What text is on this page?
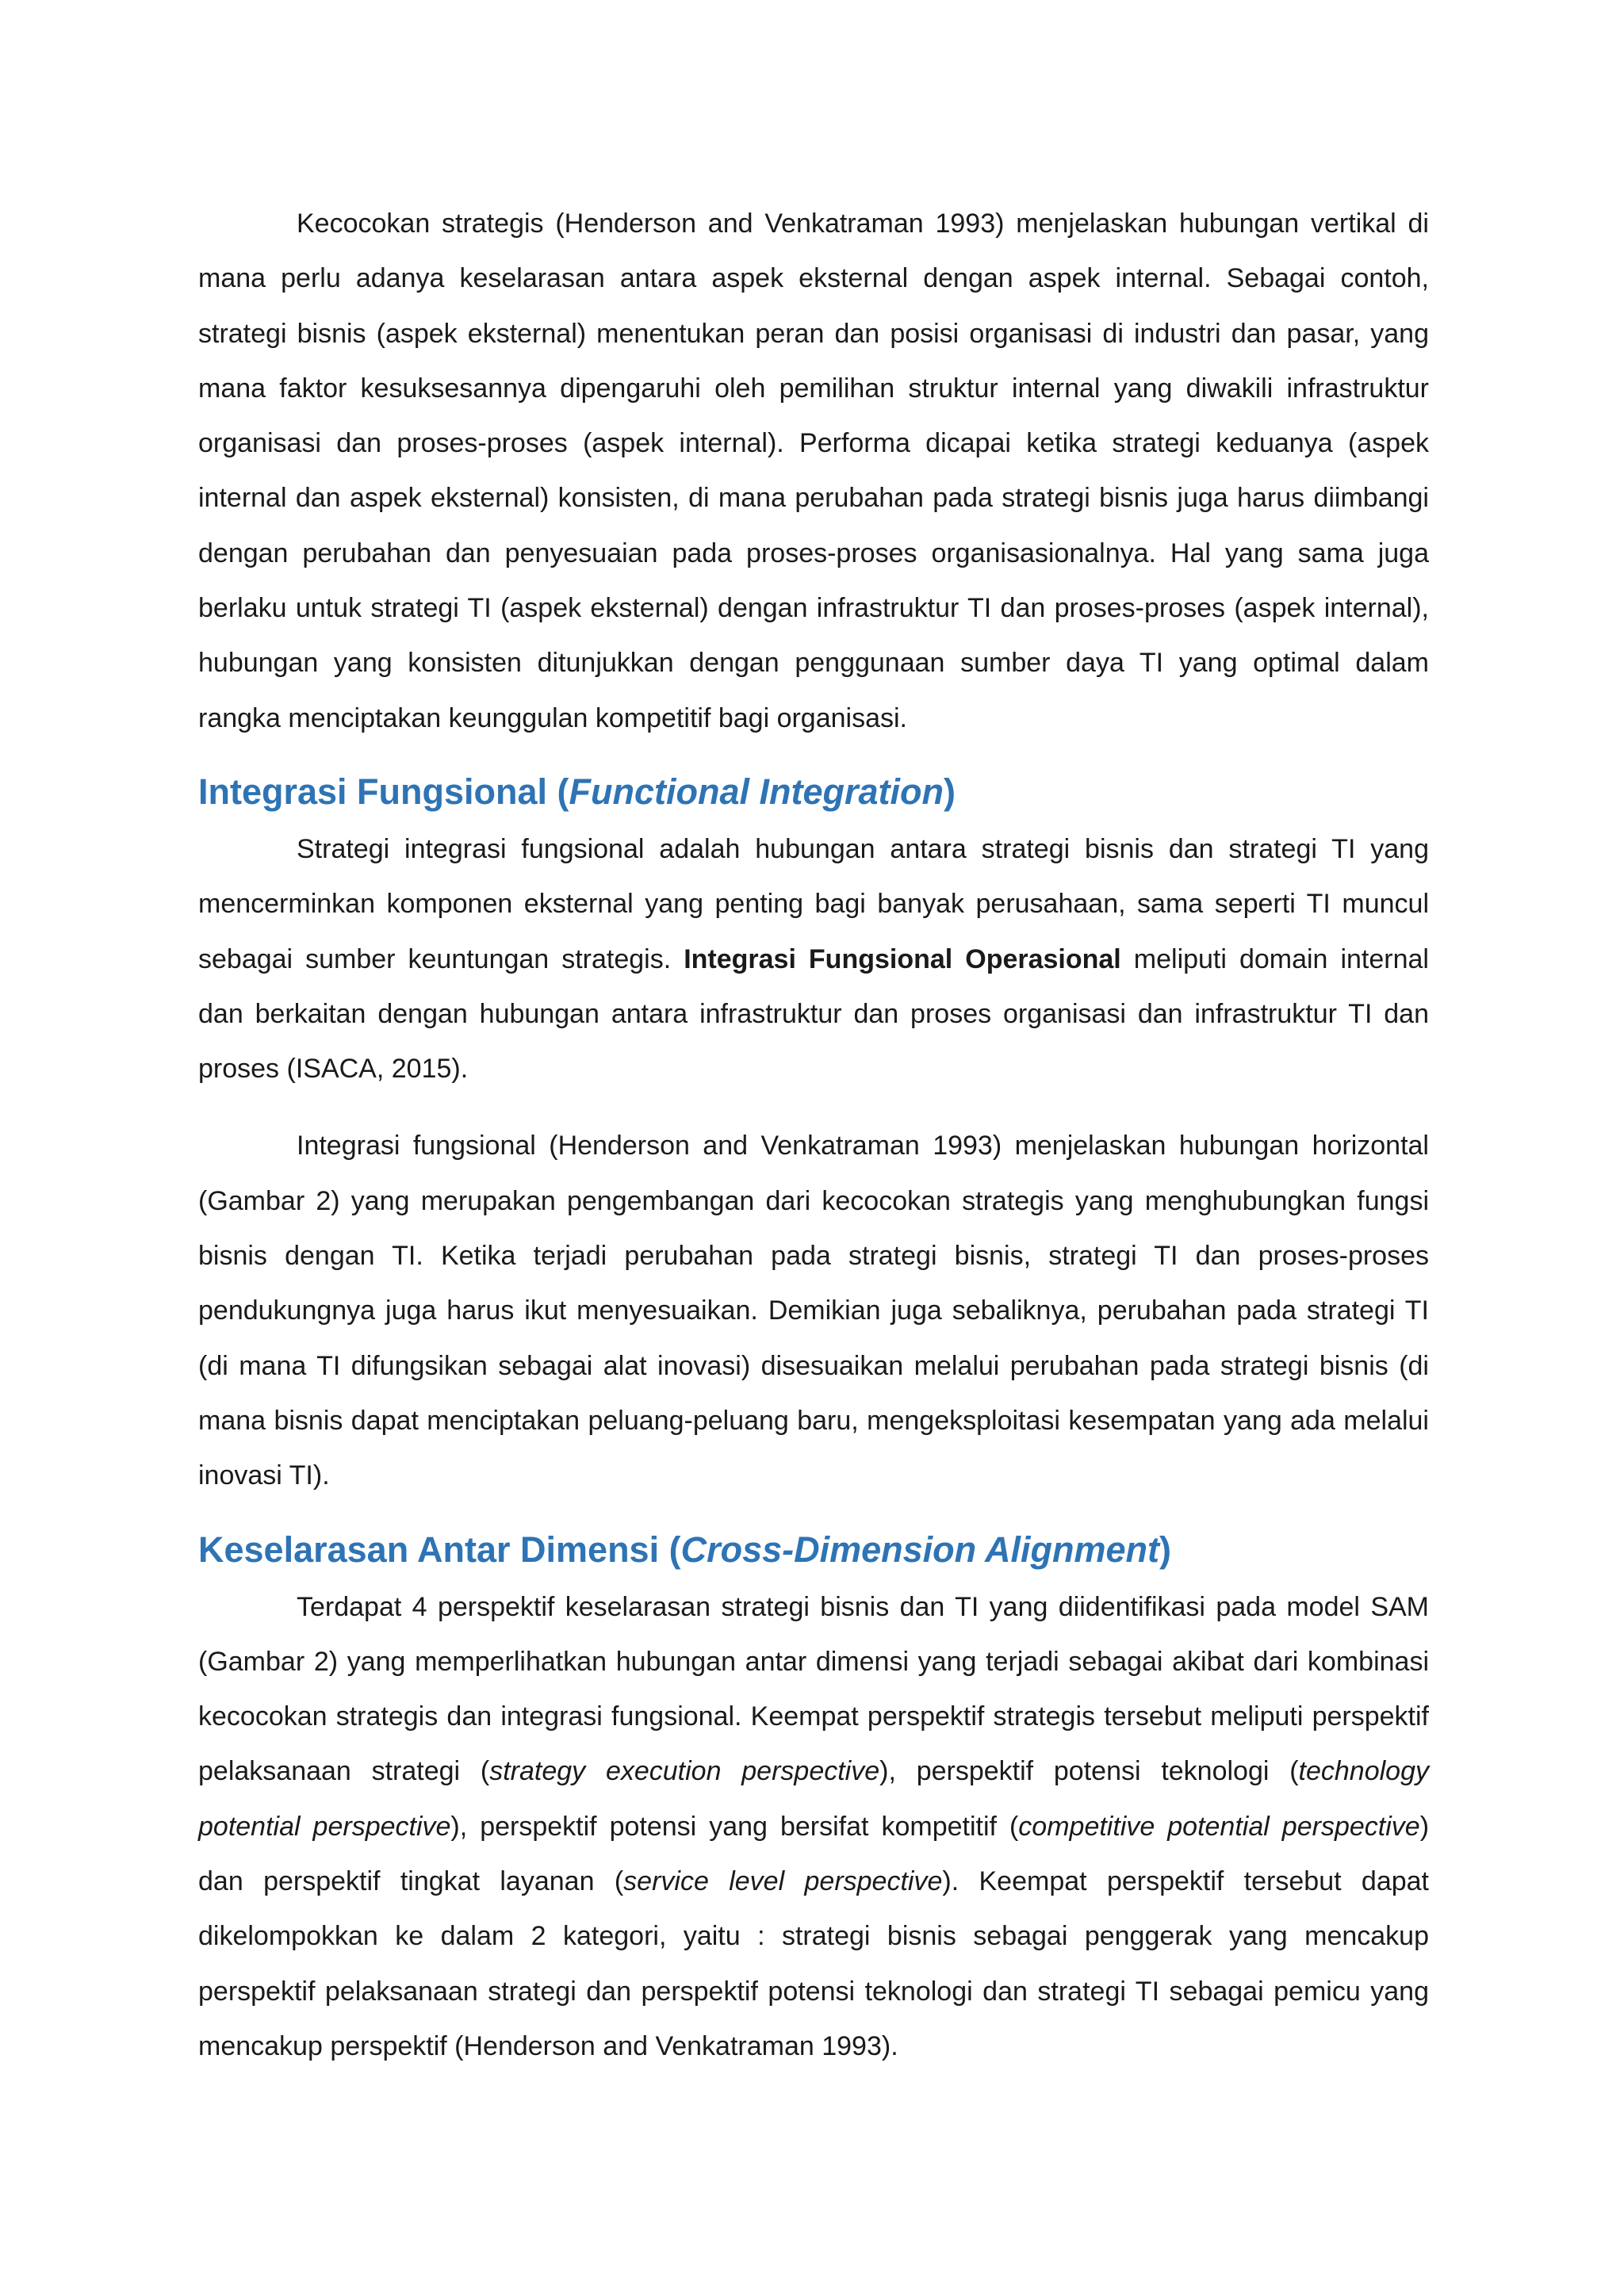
Kecocokan strategis (Henderson and Venkatraman 1993) menjelaskan hubungan vertikal di mana perlu adanya keselarasan antara aspek eksternal dengan aspek internal. Sebagai contoh, strategi bisnis (aspek eksternal) menentukan peran dan posisi organisasi di industri dan pasar, yang mana faktor kesuksesannya dipengaruhi oleh pemilihan struktur internal yang diwakili infrastruktur organisasi dan proses-proses (aspek internal). Performa dicapai ketika strategi keduanya (aspek internal dan aspek eksternal) konsisten, di mana perubahan pada strategi bisnis juga harus diimbangi dengan perubahan dan penyesuaian pada proses-proses organisasionalnya. Hal yang sama juga berlaku untuk strategi TI (aspek eksternal) dengan infrastruktur TI dan proses-proses (aspek internal), hubungan yang konsisten ditunjukkan dengan penggunaan sumber daya TI yang optimal dalam rangka menciptakan keunggulan kompetitif bagi organisasi.

Integrasi Fungsional (Functional Integration)

Strategi integrasi fungsional adalah hubungan antara strategi bisnis dan strategi TI yang mencerminkan komponen eksternal yang penting bagi banyak perusahaan, sama seperti TI muncul sebagai sumber keuntungan strategis. Integrasi Fungsional Operasional meliputi domain internal dan berkaitan dengan hubungan antara infrastruktur dan proses organisasi dan infrastruktur TI dan proses (ISACA, 2015).

Integrasi fungsional (Henderson and Venkatraman 1993) menjelaskan hubungan horizontal (Gambar 2) yang merupakan pengembangan dari kecocokan strategis yang menghubungkan fungsi bisnis dengan TI. Ketika terjadi perubahan pada strategi bisnis, strategi TI dan proses-proses pendukungnya juga harus ikut menyesuaikan. Demikian juga sebaliknya, perubahan pada strategi TI (di mana TI difungsikan sebagai alat inovasi) disesuaikan melalui perubahan pada strategi bisnis (di mana bisnis dapat menciptakan peluang-peluang baru, mengeksploitasi kesempatan yang ada melalui inovasi TI).

Keselarasan Antar Dimensi (Cross-Dimension Alignment)

Terdapat 4 perspektif keselarasan strategi bisnis dan TI yang diidentifikasi pada model SAM (Gambar 2) yang memperlihatkan hubungan antar dimensi yang terjadi sebagai akibat dari kombinasi kecocokan strategis dan integrasi fungsional. Keempat perspektif strategis tersebut meliputi perspektif pelaksanaan strategi (strategy execution perspective), perspektif potensi teknologi (technology potential perspective), perspektif potensi yang bersifat kompetitif (competitive potential perspective) dan perspektif tingkat layanan (service level perspective). Keempat perspektif tersebut dapat dikelompokkan ke dalam 2 kategori, yaitu : strategi bisnis sebagai penggerak yang mencakup perspektif pelaksanaan strategi dan perspektif potensi teknologi dan strategi TI sebagai pemicu yang mencakup perspektif (Henderson and Venkatraman 1993).
